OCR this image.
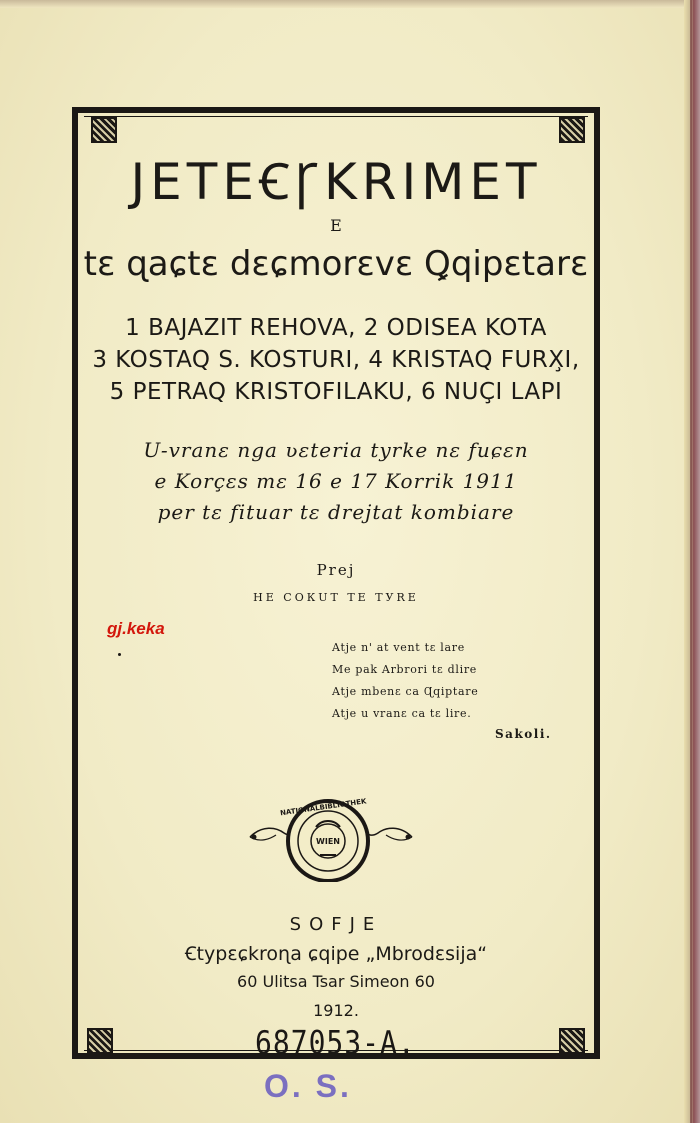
JETEꞒꞄKRIMET
E
tɛ ɋaɕtɛ dɛɕmorɛvɛ Ꝗqipɛtarɛ
1 BAJAZIT REHOVA, 2 ODISEA KOTA
3 KOSTAQ S. KOSTURI, 4 KRISTAQ FURX̧I,
5 PETRAQ KRISTOFILAKU, 6 NUÇI LAPI
U-vranɛ nga ʋɛteria tyrke nɛ fuɕɛn
e Korçɛs mɛ 16 e 17 Korrik 1911
per tɛ fituar tɛ drejtat kombiare
Prej
НЕ СОКUТ ТЕ ТУRЕ
gj.keka
Atje n' at vent tɛ lare
Me pak Arbrori tɛ dlire
Atje mbenɛ ca Ɋqiptare
Atje u vranɛ ca tɛ lire.
Sakoli.
NATIONALBIBLIOTHEK
WIEN
SOFJE
Ꞓtypɛɕkroɳa ɕqipe „Mbrodɛsija“
60 Ulitsa Tsar Simeon 60
1912.
687053-A.
O. S.
